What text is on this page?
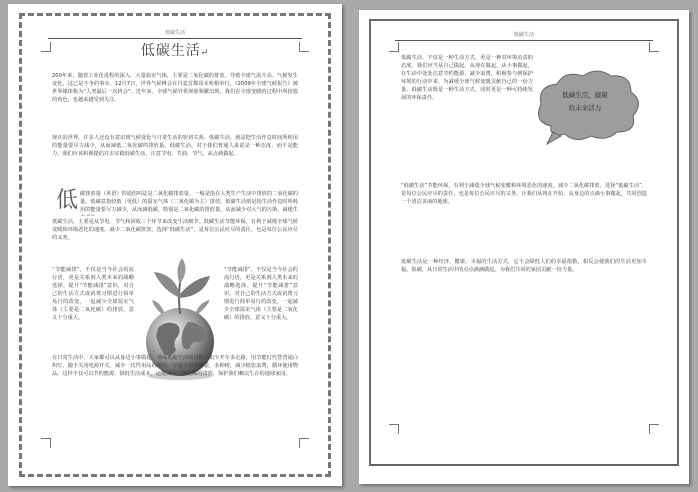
低碳生活
低碳生活↵
200年来，随着工业化进程的深入，大量温室气体，主要是二氧化碳的排放，导致全球气温升高、气候发生变化，这已是不争的事实。12月7日，世界气候峰会在丹麦首都哥本哈根举行，《2009年全球气候报告》被世界媒体称为“人类最后一次机会”。近年来，全球气候异常现象频繁出现，我们在全球变暖的过程中所扮演的角色，也越来越受到关注。
现在的世界，许多人还没有意识到气候变化与日常生活的密切关系。低碳生活，就是把生活作息时间所耗用的能量要尽力减少，从而减低二氧化碳的排放量。低碳生活，对于我们普通人来说是一种态度，而不是能力，我们应该积极提倡并去实践低碳生活，注意节电、节油、节气，从点滴做起。
低 碳排放量（英语）的通俗叫法是二氧化碳排放量，一般是指在人类生产生活中排放的二氧化碳的量。低碳意指较低（更低）的温室气体（二氧化碳为主）排放。低碳生活则是指生活作息时所耗用的能量要尽力减少，从而减低碳，特别是二氧化碳的排放量，从而减少对大气的污染，减缓生
低碳生活，主要是从节电、节气和回收三个环节来改变生活细节。低碳生活节能环保，有利于减缓全球气候变暖和环境恶化的速度。减少二氧化碳排放，选择“低碳生活”，是每位公民应尽的责任，也是每位公民应尽的义务。
“节能减排”，不仅是当今社会的流行语，更是关系到人类未来的战略选择。提升“节能减排”意识，对自己的生活方式或消费习惯进行简单易行的改变，一起减少全球温室气体（主要是二氧化碳）的排放，意义十分重大。
“节能减排”，不仅是当今社会的流行语，更是关系到人类未来的战略选择。提升“节能减排”意识，对自己的生活方式或消费习惯进行简单易行的改变，一起减少全球温室气体（主要是二氧化碳）的排放，意义十分重大。
在日常生活中，大家都可以从身边小事做起，养成低碳生活的习惯。如少开车多走路，用节能灯代替普通白炽灯，随手关闭电源开关，减少一次性用品的使用，尽量不用塑料袋，多种树，减少纸张浪费，循环使用物品。这样不仅可以节约能源，降低生活成本，还能减少二氧化碳的排放，保护我们赖以生存的地球家园。
低碳生活
低碳生活，不仅是一种生活方式，更是一种对环境负责的态度。我们应当从自己做起，从现在做起，从小事做起，在生活中处处注意节约能源，减少浪费，积极参与到保护环境的行动中来，为减缓全球气候变暖贡献自己的一份力量。低碳生活既是一种生活方式，同时更是一种可持续发展的环保责任。	低碳生活，健康
给未来活力
“低碳生活”节能环保，有利于减缓全球气候变暖和环境恶化的速度。减少二氧化碳排放，选择“低碳生活”，是每位公民应尽的责任，也是每位公民应尽的义务。让我们从现在开始，从身边的点滴小事做起，共同创造一个清洁美丽的地球。
低碳生活是一种经济、健康、幸福的生活方式，它不会降低人们的幸福指数，相反会使我们的生活更加幸福。低碳，从日常生活中的点点滴滴做起，为我们共同的家园贡献一份力量。
